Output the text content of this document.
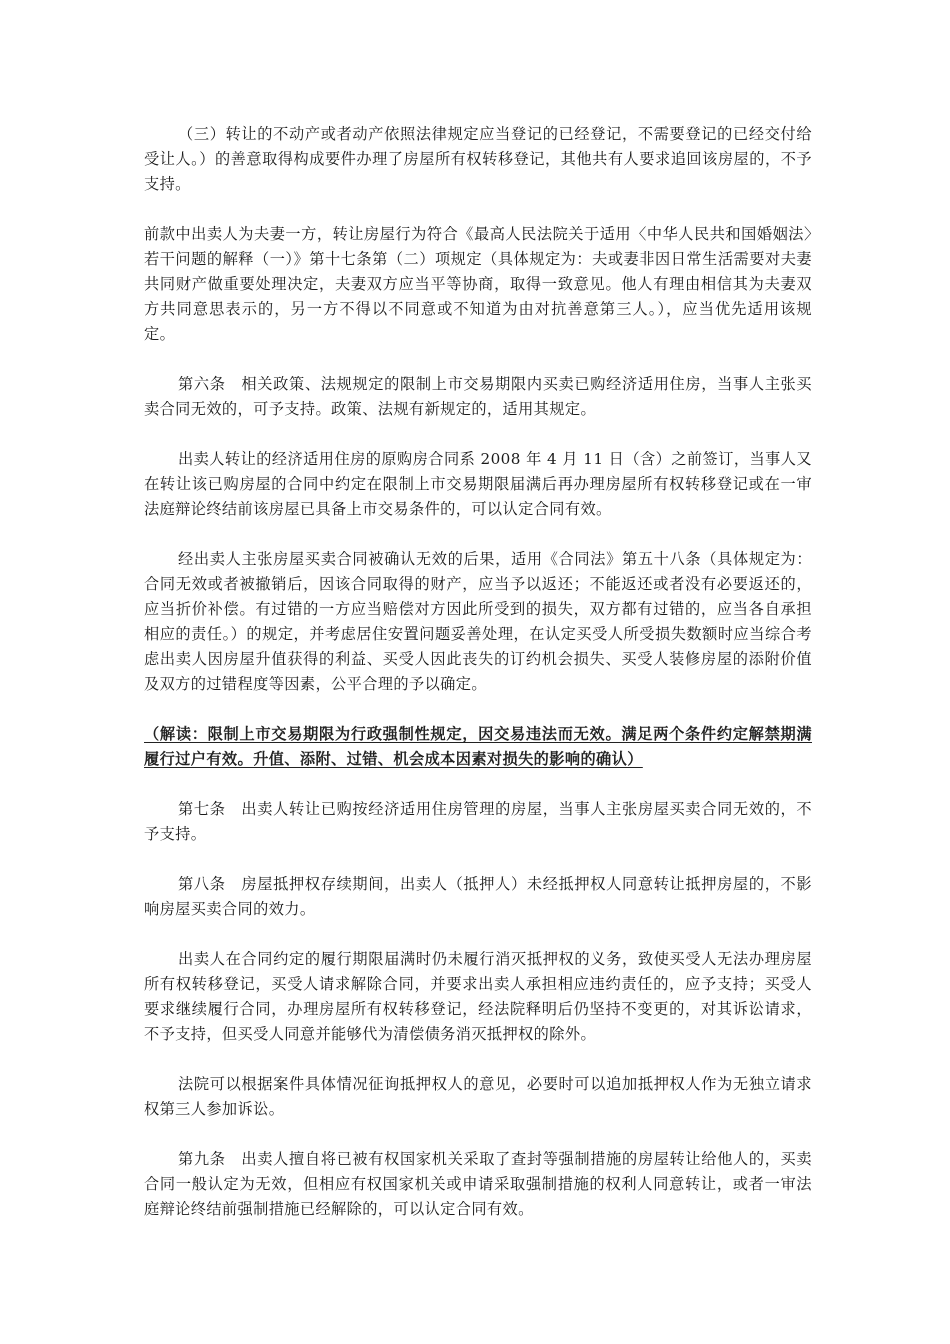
（三）转让的不动产或者动产依照法律规定应当登记的已经登记，不需要登记的已经交付给受让人。）的善意取得构成要件办理了房屋所有权转移登记，其他共有人要求追回该房屋的，不予支持。

前款中出卖人为夫妻一方，转让房屋行为符合《最高人民法院关于适用〈中华人民共和国婚姻法〉若干问题的解释（一）》第十七条第（二）项规定（具体规定为：夫或妻非因日常生活需要对夫妻共同财产做重要处理决定，夫妻双方应当平等协商，取得一致意见。他人有理由相信其为夫妻双方共同意思表示的，另一方不得以不同意或不知道为由对抗善意第三人。），应当优先适用该规定。

第六条　相关政策、法规规定的限制上市交易期限内买卖已购经济适用住房，当事人主张买卖合同无效的，可予支持。政策、法规有新规定的，适用其规定。

出卖人转让的经济适用住房的原购房合同系 2008 年 4 月 11 日（含）之前签订，当事人又在转让该已购房屋的合同中约定在限制上市交易期限届满后再办理房屋所有权转移登记或在一审法庭辩论终结前该房屋已具备上市交易条件的，可以认定合同有效。

经出卖人主张房屋买卖合同被确认无效的后果，适用《合同法》第五十八条（具体规定为：合同无效或者被撤销后，因该合同取得的财产，应当予以返还；不能返还或者没有必要返还的，应当折价补偿。有过错的一方应当赔偿对方因此所受到的损失，双方都有过错的，应当各自承担相应的责任。）的规定，并考虑居住安置问题妥善处理，在认定买受人所受损失数额时应当综合考虑出卖人因房屋升值获得的利益、买受人因此丧失的订约机会损失、买受人装修房屋的添附价值及双方的过错程度等因素，公平合理的予以确定。

（解读：限制上市交易期限为行政强制性规定，因交易违法而无效。满足两个条件约定解禁期满履行过户有效。升值、添附、过错、机会成本因素对损失的影响的确认）

第七条　出卖人转让已购按经济适用住房管理的房屋，当事人主张房屋买卖合同无效的，不予支持。

第八条　房屋抵押权存续期间，出卖人（抵押人）未经抵押权人同意转让抵押房屋的，不影响房屋买卖合同的效力。

出卖人在合同约定的履行期限届满时仍未履行消灭抵押权的义务，致使买受人无法办理房屋所有权转移登记，买受人请求解除合同，并要求出卖人承担相应违约责任的，应予支持；买受人要求继续履行合同，办理房屋所有权转移登记，经法院释明后仍坚持不变更的，对其诉讼请求，不予支持，但买受人同意并能够代为清偿债务消灭抵押权的除外。

法院可以根据案件具体情况征询抵押权人的意见，必要时可以追加抵押权人作为无独立请求权第三人参加诉讼。

第九条　出卖人擅自将已被有权国家机关采取了查封等强制措施的房屋转让给他人的，买卖合同一般认定为无效，但相应有权国家机关或申请采取强制措施的权利人同意转让，或者一审法庭辩论终结前强制措施已经解除的，可以认定合同有效。
